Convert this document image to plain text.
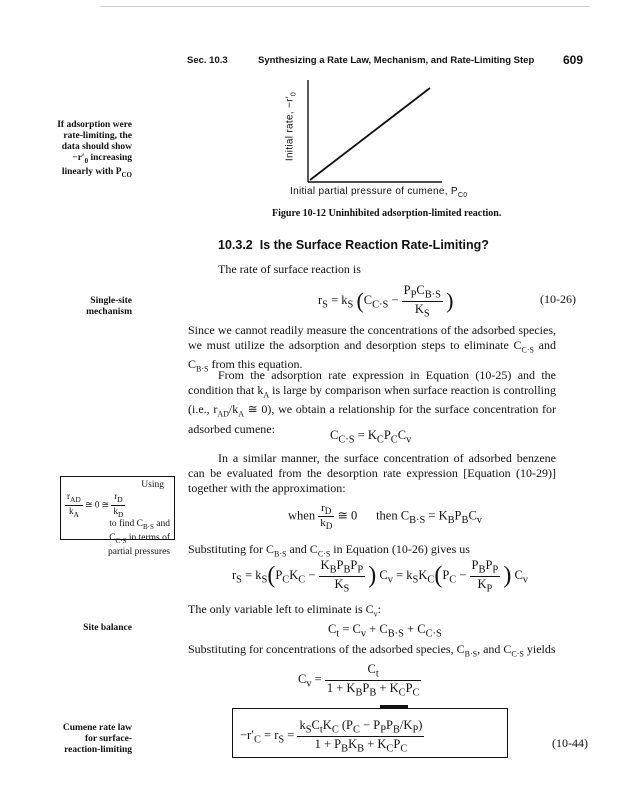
Sec. 10.3	Synthesizing a Rate Law, Mechanism, and Rate-Limiting Step 609
If adsorption were
rate-limiting, the
data should show
$-r'_0$ increasing
linearly with $P_{CO}$
Initial rate, $-r'_0$
Initial partial pressure of cumene, $P_{C0}$
Figure 10-12 Uninhibited adsorption-limited reaction.
10.3.2 Is the Surface Reaction Rate-Limiting?
The rate of surface reaction is
Single-site
mechanism
$r_S = k_S$ ($C_{C\cdot S} - \frac{P_PC_{B\cdot S}}{K_S}$ )	(10-26)
Since we cannot readily measure the concentrations of the adsorbed species, we must utilize the adsorption and desorption steps to eliminate $C_{C\cdot S}$ and $C_{B\cdot S}$ from this equation.
From the adsorption rate expression in Equation (10-25) and the condition that $k_A$ is large by comparison when surface reaction is controlling (i.e., $r_{AD}/k_A$ ≅ 0), we obtain a relationship for the surface concentration for adsorbed cumene:	$C_{C\cdot S} = K_CP_CC_v$
In a similar manner, the surface concentration of adsorbed benzene can be evaluated from the desorption rate expression [Equation (10-29)] together with the approximation:
Using
$\frac{r_{AD}}{k_A}$ ≅ 0 ≅ $\frac{r_D}{k_D}$
to find $C_{B\cdot S}$ and
$C_{C\cdot S}$ in terms of
partial pressures
when $\frac{r_D}{k_D}$ ≅ 0      then $C_{B\cdot S} = K_BP_BC_v$
Substituting for $C_{B\cdot S}$ and $C_{C\cdot S}$ in Equation (10-26) gives us
$r_S = k_S(P_CK_C - \frac{K_BP_BP_P}{K_S}$ ) $C_v = k_SK_C(P_C - \frac{P_BP_P}{K_P}$ ) $C_v$
The only variable left to eliminate is $C_v$:
Site balance	$C_t = C_v + C_{B\cdot S} + C_{C\cdot S}$
Substituting for concentrations of the adsorbed species, $C_{B\cdot S}$, and $C_{C\cdot S}$ yields
$C_v = \frac{C_t}{1 + K_BP_B + K_CP_C}$
Cumene rate law
for surface-
reaction-limiting
$-r'_C = r_S = \frac{k_SC_tK_C (P_C - P_PP_B/K_P)}{1 + P_BK_B + K_CP_C}$	(10-44)
